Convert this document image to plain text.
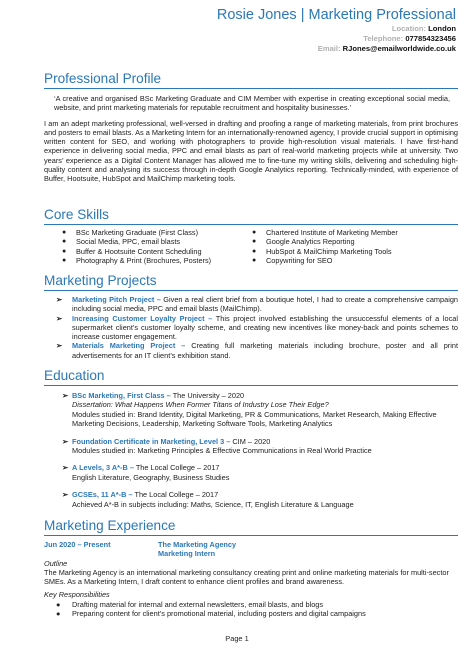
Rosie Jones | Marketing Professional
Location: London
Telephone: 077854323456
Email: RJones@emailworldwide.co.uk
Professional Profile
‘A creative and organised BSc Marketing Graduate and CIM Member with expertise in creating exceptional social media, website, and print marketing materials for reputable recruitment and hospitality businesses.’
I am an adept marketing professional, well-versed in drafting and proofing a range of marketing materials, from print brochures and posters to email blasts. As a Marketing Intern for an internationally-renowned agency, I provide crucial support in optimising written content for SEO, and working with photographers to provide high-resolution visual materials. I have first-hand experience in delivering social media, PPC and email blasts as part of real-world marketing projects while at university. Two years’ experience as a Digital Content Manager has allowed me to fine-tune my writing skills, delivering and scheduling high-quality content and analysing its success through in-depth Google Analytics reporting. Technically-minded, with experience of Buffer, Hootsuite, HubSpot and MailChimp marketing tools.
Core Skills
● BSc Marketing Graduate (First Class)
● Social Media, PPC, email blasts
● Buffer & Hootsuite Content Scheduling
● Photography & Print (Brochures, Posters)
● Chartered Institute of Marketing Member
● Google Analytics Reporting
● HubSpot & MailChimp Marketing Tools
● Copywriting for SEO
Marketing Projects
➢ Marketing Pitch Project – Given a real client brief from a boutique hotel, I had to create a comprehensive campaign including social media, PPC and email blasts (MailChimp).
➢ Increasing Customer Loyalty Project – This project involved establishing the unsuccessful elements of a local supermarket client’s customer loyalty scheme, and creating new incentives like money-back and points schemes to increase customer engagement.
➢ Materials Marketing Project – Creating full marketing materials including brochure, poster and all print advertisements for an IT client’s exhibition stand.
Education
➢ BSc Marketing, First Class – The University – 2020
Dissertation: What Happens When Former Titans of Industry Lose Their Edge?
Modules studied in: Brand Identity, Digital Marketing, PR & Communications, Market Research, Making Effective Marketing Decisions, Leadership, Marketing Software Tools, Marketing Analytics
➢ Foundation Certificate in Marketing, Level 3 – CIM – 2020
Modules studied in: Marketing Principles & Effective Communications in Real World Practice
➢ A Levels, 3 A*-B – The Local College – 2017
English Literature, Geography, Business Studies
➢ GCSEs, 11 A*-B – The Local College – 2017
Achieved A*-B in subjects including: Maths, Science, IT, English Literature & Language
Marketing Experience
Jun 2020 – Present	The Marketing Agency
Marketing Intern
Outline
The Marketing Agency is an international marketing consultancy creating print and online marketing materials for multi-sector SMEs. As a Marketing Intern, I draft content to enhance client profiles and brand awareness.
Key Responsibilities
● Drafting material for internal and external newsletters, email blasts, and blogs
● Preparing content for client’s promotional material, including posters and digital campaigns
Page 1
